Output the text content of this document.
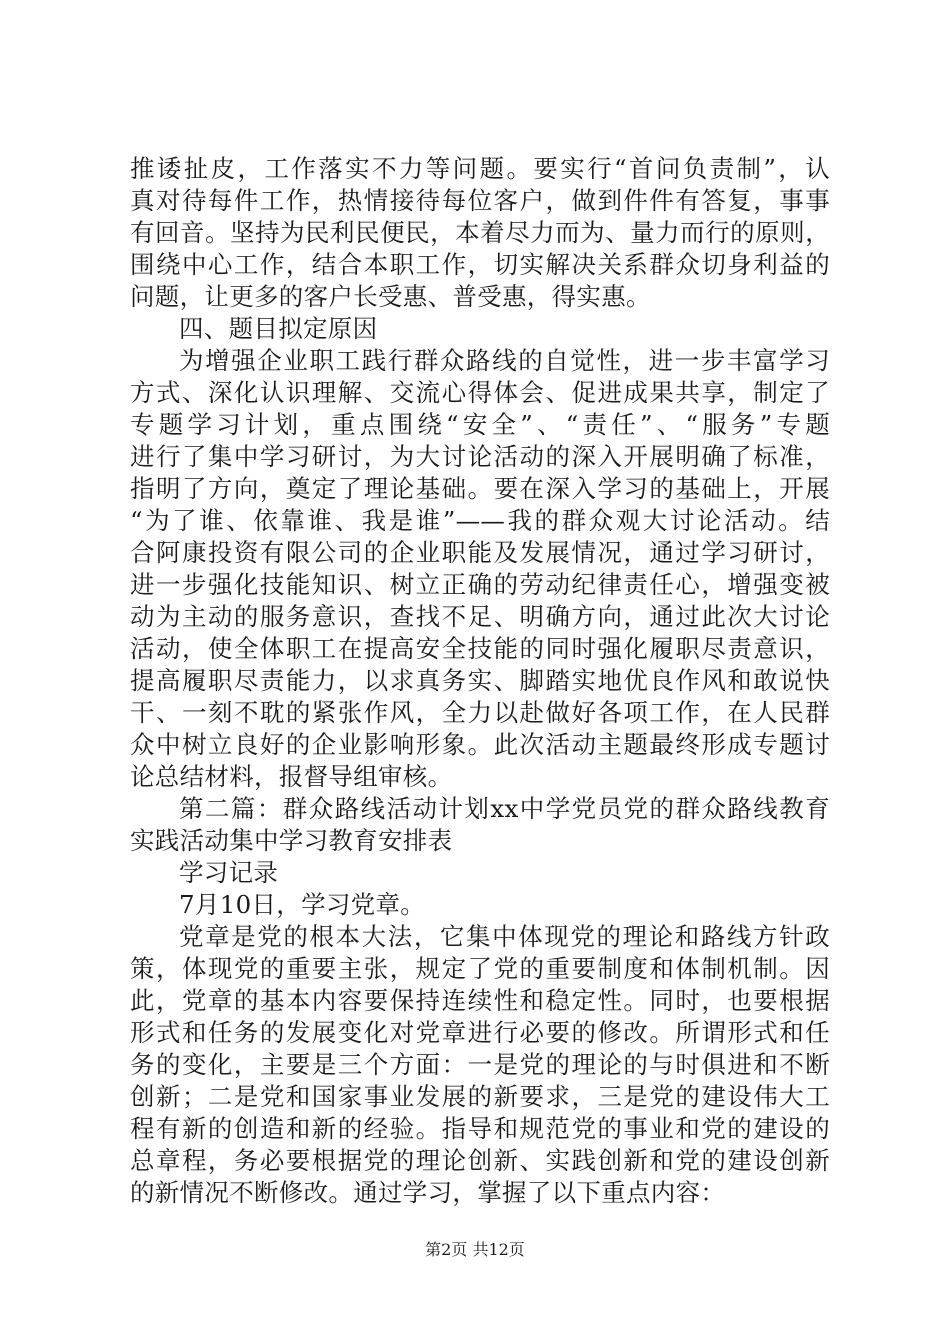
推诿扯皮，工作落实不力等问题。要实行“首问负责制”，认
真对待每件工作，热情接待每位客户，做到件件有答复，事事
有回音。坚持为民利民便民，本着尽力而为、量力而行的原则，
围绕中心工作，结合本职工作，切实解决关系群众切身利益的
问题，让更多的客户长受惠、普受惠，得实惠。
四、题目拟定原因
为增强企业职工践行群众路线的自觉性，进一步丰富学习
方式、深化认识理解、交流心得体会、促进成果共享，制定了
专题学习计划，重点围绕“安全”、“责任”、“服务”专题
进行了集中学习研讨，为大讨论活动的深入开展明确了标准，
指明了方向，奠定了理论基础。要在深入学习的基础上，开展
“为了谁、依靠谁、我是谁”——我的群众观大讨论活动。结
合阿康投资有限公司的企业职能及发展情况，通过学习研讨，
进一步强化技能知识、树立正确的劳动纪律责任心，增强变被
动为主动的服务意识，查找不足、明确方向，通过此次大讨论
活动，使全体职工在提高安全技能的同时强化履职尽责意识，
提高履职尽责能力，以求真务实、脚踏实地优良作风和敢说快
干、一刻不耽的紧张作风，全力以赴做好各项工作，在人民群
众中树立良好的企业影响形象。此次活动主题最终形成专题讨
论总结材料，报督导组审核。
第二篇：群众路线活动计划xx中学党员党的群众路线教育
实践活动集中学习教育安排表
学习记录
7月10日，学习党章。
党章是党的根本大法，它集中体现党的理论和路线方针政
策，体现党的重要主张，规定了党的重要制度和体制机制。因
此，党章的基本内容要保持连续性和稳定性。同时，也要根据
形式和任务的发展变化对党章进行必要的修改。所谓形式和任
务的变化，主要是三个方面：一是党的理论的与时俱进和不断
创新；二是党和国家事业发展的新要求，三是党的建设伟大工
程有新的创造和新的经验。指导和规范党的事业和党的建设的
总章程，务必要根据党的理论创新、实践创新和党的建设创新
的新情况不断修改。通过学习，掌握了以下重点内容：
第2页 共12页
